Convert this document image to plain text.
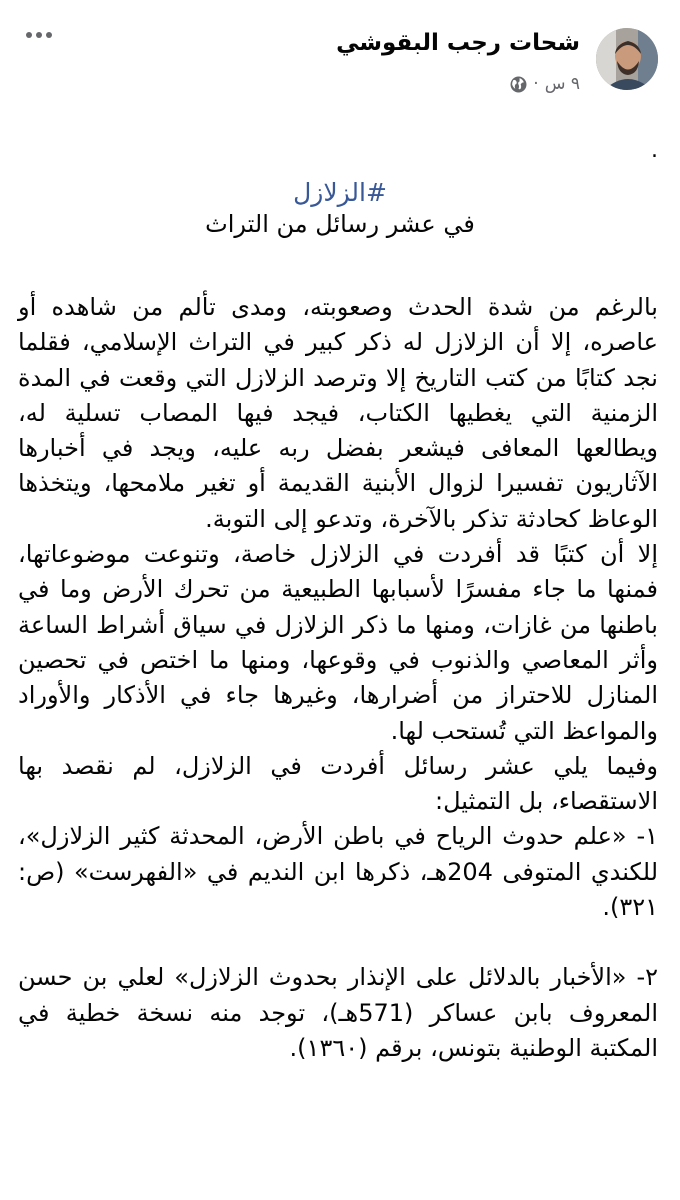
شحات رجب البقوشي
٩ س
·
.
#الزلازل
في عشر رسائل من التراث

بالرغم من شدة الحدث وصعوبته، ومدى تألم من شاهده أو عاصره، إلا أن الزلازل له ذكر كبير في التراث الإسلامي، فقلما نجد كتابًا من كتب التاريخ إلا وترصد الزلازل التي وقعت في المدة الزمنية التي يغطيها الكتاب، فيجد فيها المصاب تسلية له، ويطالعها المعافى فيشعر بفضل ربه عليه، ويجد في أخبارها الآثاريون تفسيرا لزوال الأبنية القديمة أو تغير ملامحها، ويتخذها الوعاظ كحادثة تذكر بالآخرة، وتدعو إلى التوبة.

إلا أن كتبًا قد أفردت في الزلازل خاصة، وتنوعت موضوعاتها، فمنها ما جاء مفسرًا لأسبابها الطبيعية من تحرك الأرض وما في باطنها من غازات، ومنها ما ذكر الزلازل في سياق أشراط الساعة وأثر المعاصي والذنوب في وقوعها، ومنها ما اختص في تحصين المنازل للاحتراز من أضرارها، وغيرها جاء في الأذكار والأوراد والمواعظ التي تُستحب لها.

وفيما يلي عشر رسائل أفردت في الزلازل، لم نقصد بها الاستقصاء، بل التمثيل:

١- «علم حدوث الرياح في باطن الأرض، المحدثة كثير الزلازل»، للكندي المتوفى 204هـ، ذكرها ابن النديم في «الفهرست» (ص: ٣٢١).

٢- «الأخبار بالدلائل على الإنذار بحدوث الزلازل» لعلي بن حسن المعروف بابن عساكر (571هـ)، توجد منه نسخة خطية في المكتبة الوطنية بتونس، برقم (١٣٦٠).
